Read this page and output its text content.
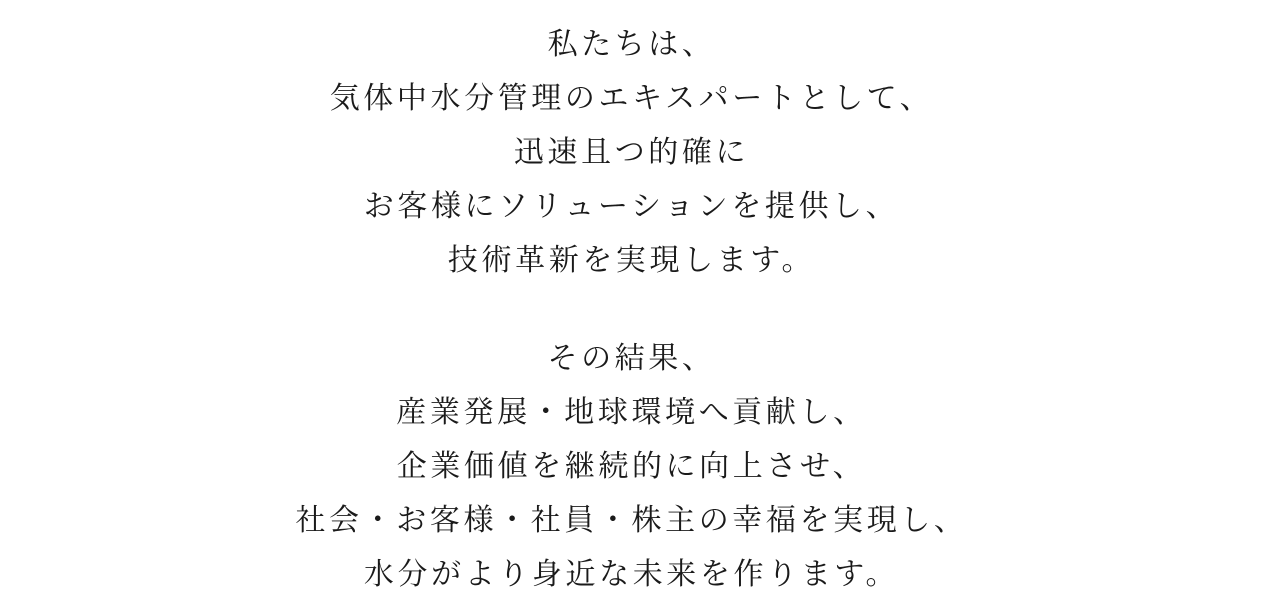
私たちは、
気体中水分管理のエキスパートとして、
迅速且つ的確に
お客様にソリューションを提供し、
技術革新を実現します。
その結果、
産業発展・地球環境へ貢献し、
企業価値を継続的に向上させ、
社会・お客様・社員・株主の幸福を実現し、
水分がより身近な未来を作ります。
